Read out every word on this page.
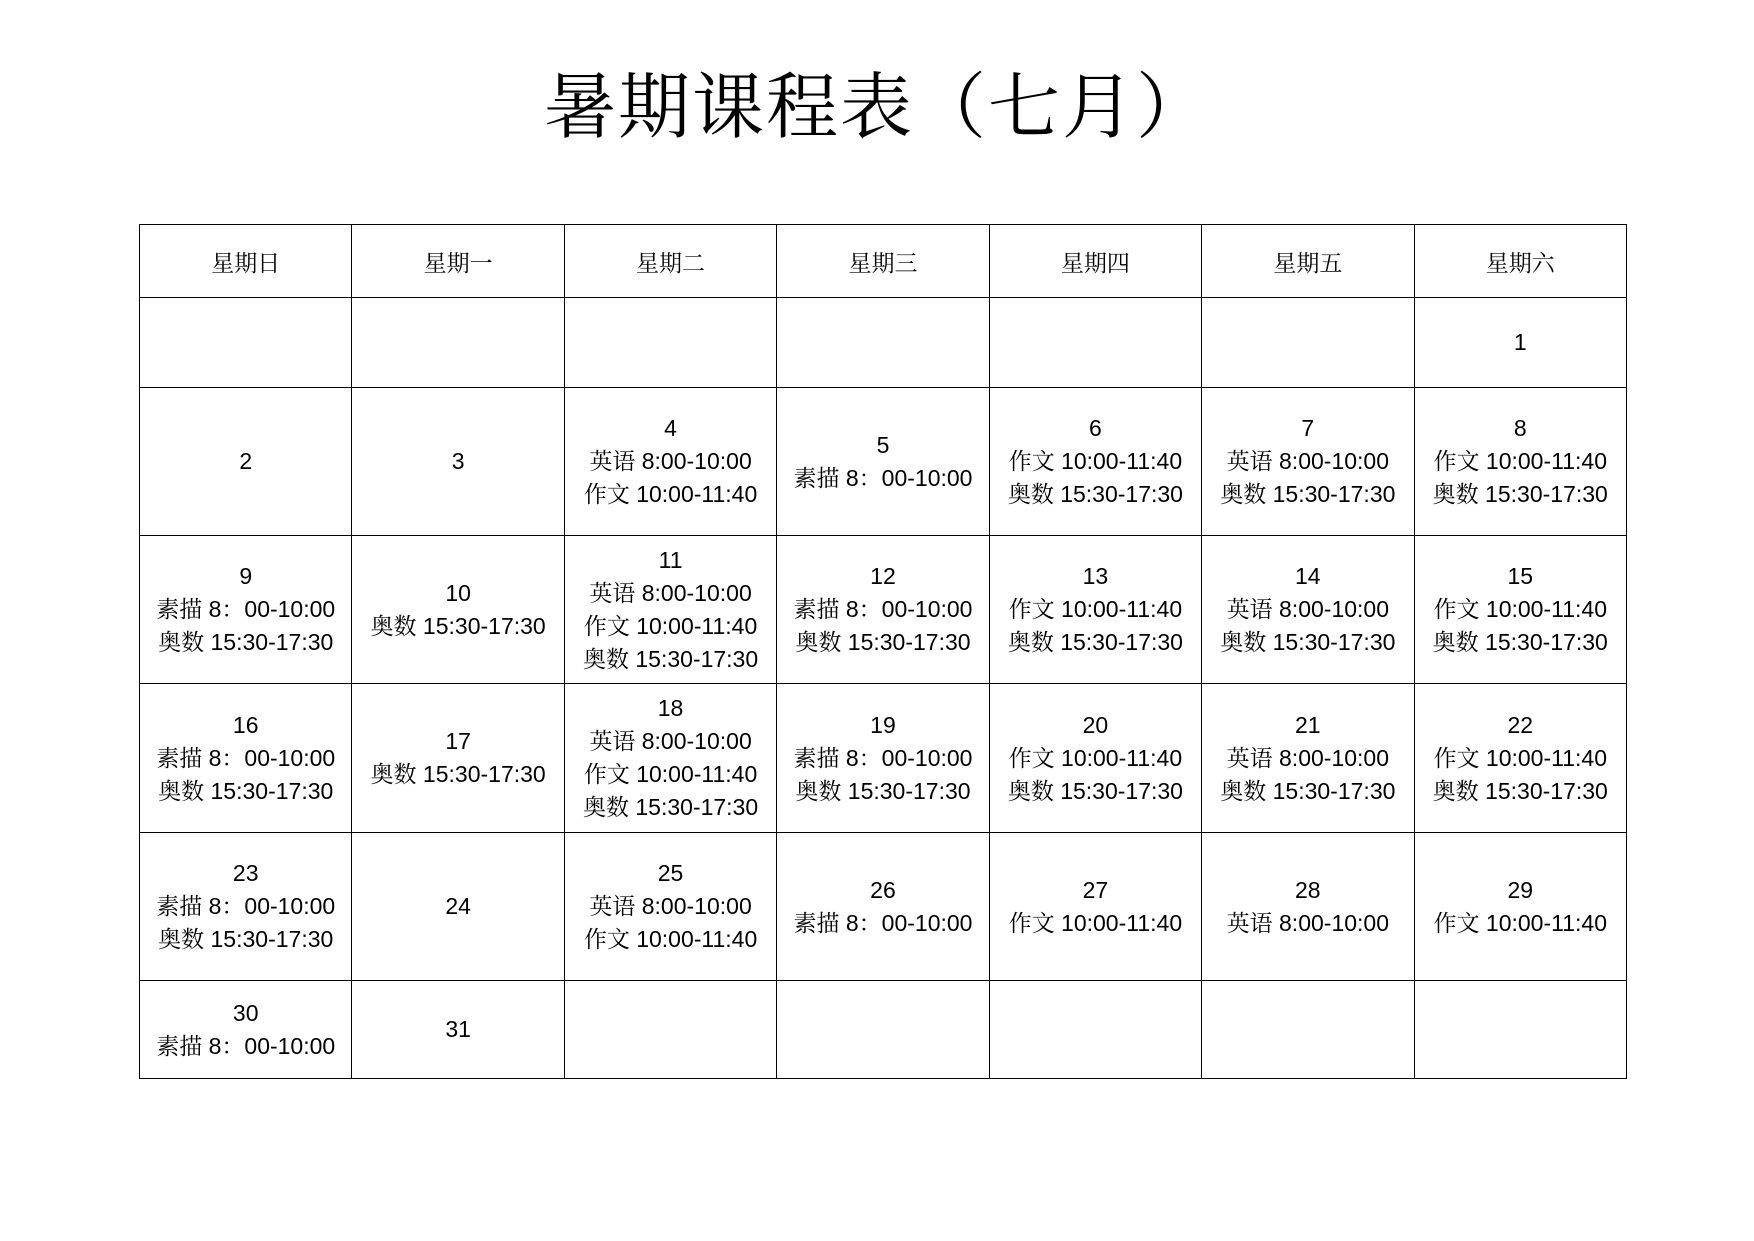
暑期课程表（七月）
星期日	星期一	星期二	星期三	星期四	星期五	星期六

						1

2	3	4
英语 8:00-10:00
作文 10:00-11:40	5
素描 8：00-10:00	6
作文 10:00-11:40
奥数 15:30-17:30	7
英语 8:00-10:00
奥数 15:30-17:30	8
作文 10:00-11:40
奥数 15:30-17:30

9
素描 8：00-10:00
奥数 15:30-17:30	10
奥数 15:30-17:30	11
英语 8:00-10:00
作文 10:00-11:40
奥数 15:30-17:30	12
素描 8：00-10:00
奥数 15:30-17:30	13
作文 10:00-11:40
奥数 15:30-17:30	14
英语 8:00-10:00
奥数 15:30-17:30	15
作文 10:00-11:40
奥数 15:30-17:30

16
素描 8：00-10:00
奥数 15:30-17:30	17
奥数 15:30-17:30	18
英语 8:00-10:00
作文 10:00-11:40
奥数 15:30-17:30	19
素描 8：00-10:00
奥数 15:30-17:30	20
作文 10:00-11:40
奥数 15:30-17:30	21
英语 8:00-10:00
奥数 15:30-17:30	22
作文 10:00-11:40
奥数 15:30-17:30

23
素描 8：00-10:00
奥数 15:30-17:30	24	25
英语 8:00-10:00
作文 10:00-11:40	26
素描 8：00-10:00	27
作文 10:00-11:40	28
英语 8:00-10:00	29
作文 10:00-11:40

30
素描 8：00-10:00	31					
